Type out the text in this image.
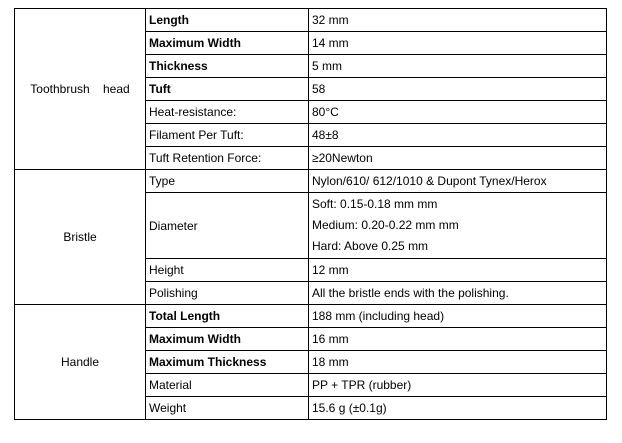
Toothbrush    head	Length	32 mm
	Maximum Width	14 mm
	Thickness	5 mm
	Tuft	58
	Heat-resistance:	80°C
	Filament Per Tuft:	48±8
	Tuft Retention Force:	≥20Newton
Bristle	Type	Nylon/610/ 612/1010 & Dupont Tynex/Herox
	Diameter	Soft: 0.15-0.18 mm mm
Medium: 0.20-0.22 mm mm
Hard: Above 0.25 mm

	Height	12 mm
	Polishing	All the bristle ends with the polishing.
Handle	Total Length	188 mm (including head)
	Maximum Width	16 mm
	Maximum Thickness	18 mm
	Material	PP + TPR (rubber)
	Weight	15.6 g (±0.1g)
